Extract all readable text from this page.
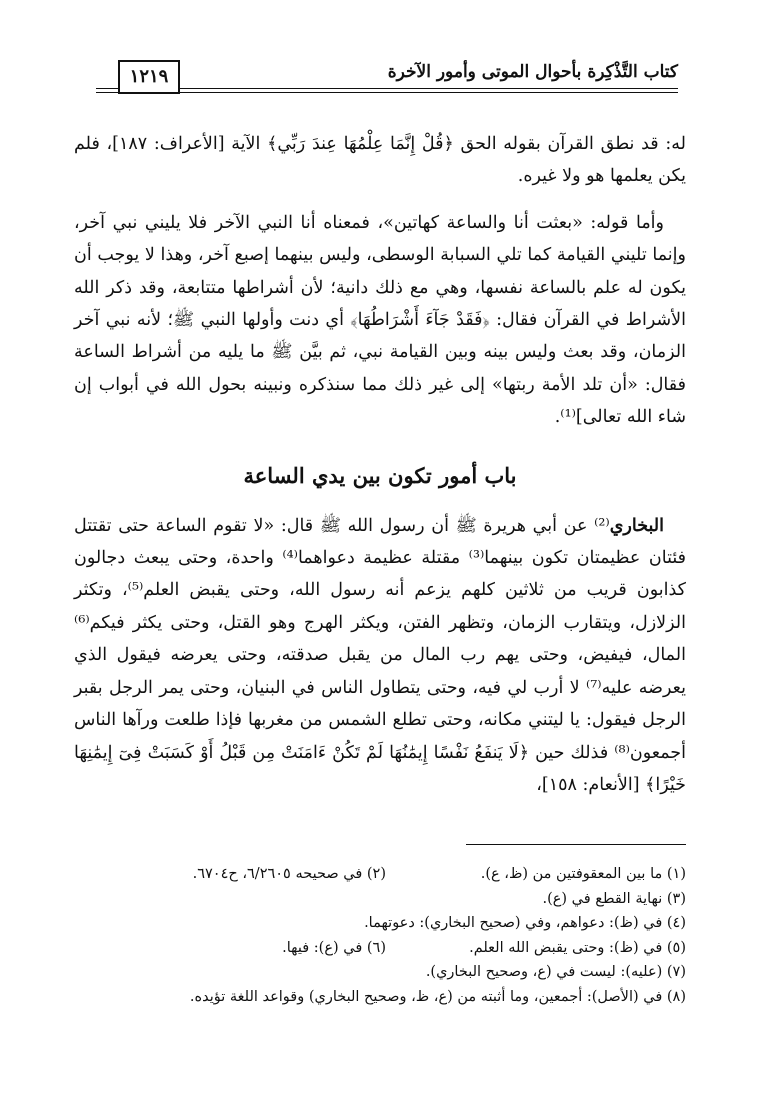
كتاب التَّذْكِرة بأحوال الموتى وأمور الآخرة
١٢١٩

له: قد نطق القرآن بقوله الحق ﴿قُلْ إِنَّمَا عِلْمُهَا عِندَ رَبِّي﴾ الآية [الأعراف: ١٨٧]، فلم يكن يعلمها هو ولا غيره.

وأما قوله: «بعثت أنا والساعة كهاتين»، فمعناه أنا النبي الآخر فلا يليني نبي آخر، وإنما تليني القيامة كما تلي السبابة الوسطى، وليس بينهما إصبع آخر، وهذا لا يوجب أن يكون له علم بالساعة نفسها، وهي مع ذلك دانية؛ لأن أشراطها متتابعة، وقد ذكر الله الأشراط في القرآن فقال: ﴿فَقَدْ جَآءَ أَشْرَاطُهَا﴾ أي دنت وأولها النبي ﷺ؛ لأنه نبي آخر الزمان، وقد بعث وليس بينه وبين القيامة نبي، ثم بيَّن ﷺ ما يليه من أشراط الساعة فقال: «أن تلد الأمة ربتها» إلى غير ذلك مما سنذكره ونبينه بحول الله في أبواب إن شاء الله تعالى]⁽¹⁾.

باب أمور تكون بين يدي الساعة

البخاري⁽²⁾ عن أبي هريرة ﷺ أن رسول الله ﷺ قال: «لا تقوم الساعة حتى تقتتل فئتان عظيمتان تكون بينهما⁽³⁾ مقتلة عظيمة دعواهما⁽⁴⁾ واحدة، وحتى يبعث دجالون كذابون قريب من ثلاثين كلهم يزعم أنه رسول الله، وحتى يقبض العلم⁽⁵⁾، وتكثر الزلازل، ويتقارب الزمان، وتظهر الفتن، ويكثر الهرج وهو القتل، وحتى يكثر فيكم⁽⁶⁾ المال، فيفيض، وحتى يهم رب المال من يقبل صدقته، وحتى يعرضه فيقول الذي يعرضه عليه⁽⁷⁾ لا أرب لي فيه، وحتى يتطاول الناس في البنيان، وحتى يمر الرجل بقبر الرجل فيقول: يا ليتني مكانه، وحتى تطلع الشمس من مغربها فإذا طلعت ورآها الناس أجمعون⁽⁸⁾ فذلك حين ﴿لَا يَنفَعُ نَفْسًا إِيمَٰنُهَا لَمْ تَكُنْ ءَامَنَتْ مِن قَبْلُ أَوْ كَسَبَتْ فِىٓ إِيمَٰنِهَا خَيْرًا﴾ [الأنعام: ١٥٨]،

(١) ما بين المعقوفتين من (ظ، ع).
(٢) في صحيحه ٦/٢٦٠٥، ح٦٧٠٤.
(٣) نهاية القطع في (ع).
(٤) في (ظ): دعواهم، وفي (صحيح البخاري): دعوتهما.
(٥) في (ظ): وحتى يقبض الله العلم.
(٦) في (ع): فيها.
(٧) (عليه): ليست في (ع، وصحيح البخاري).
(٨) في (الأصل): أجمعين، وما أثبته من (ع، ظ، وصحيح البخاري) وقواعد اللغة تؤيده.
